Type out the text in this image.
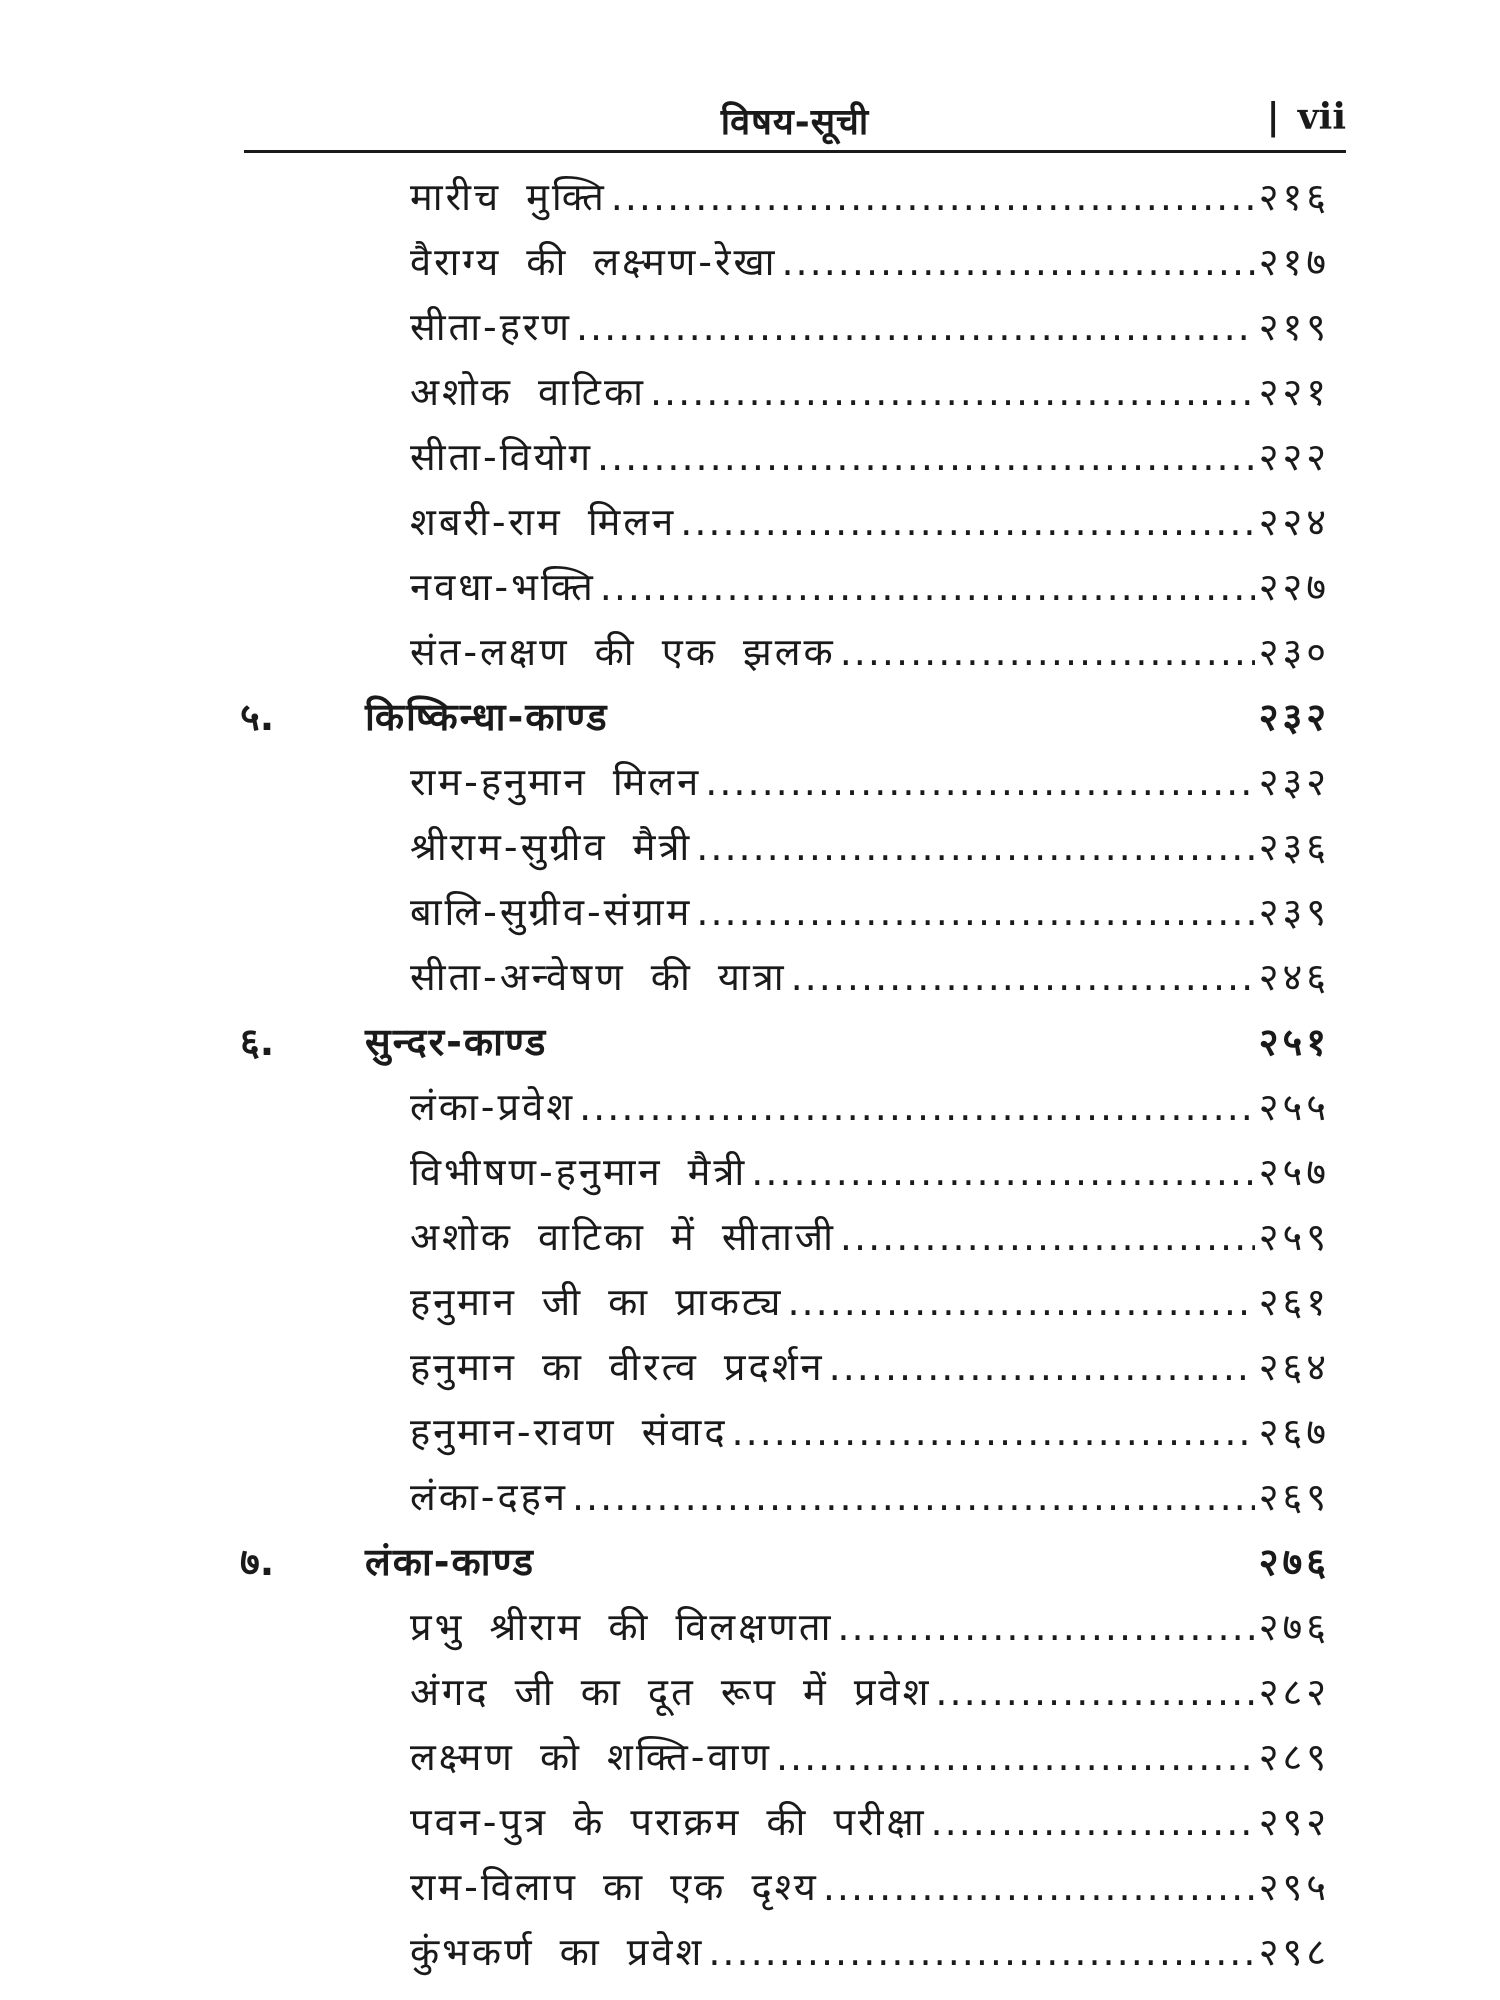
विषय-सूची	| vii
मारीच मुक्ति .....	२१६
वैराग्य की लक्ष्मण-रेखा .....	२१७
सीता-हरण .....	२१९
अशोक वाटिका .....	२२१
सीता-वियोग .....	२२२
शबरी-राम मिलन .....	२२४
नवधा-भक्ति .....	२२७
संत-लक्षण की एक झलक .....	२३०
५. किष्किन्धा-काण्ड	२३२
राम-हनुमान मिलन .....	२३२
श्रीराम-सुग्रीव मैत्री .....	२३६
बालि-सुग्रीव-संग्राम .....	२३९
सीता-अन्वेषण की यात्रा .....	२४६
६. सुन्दर-काण्ड	२५१
लंका-प्रवेश .....	२५५
विभीषण-हनुमान मैत्री .....	२५७
अशोक वाटिका में सीताजी .....	२५९
हनुमान जी का प्राकट्य .....	२६१
हनुमान का वीरत्व प्रदर्शन .....	२६४
हनुमान-रावण संवाद .....	२६७
लंका-दहन .....	२६९
७. लंका-काण्ड	२७६
प्रभु श्रीराम की विलक्षणता .....	२७६
अंगद जी का दूत रूप में प्रवेश .....	२८२
लक्ष्मण को शक्ति-वाण .....	२८९
पवन-पुत्र के पराक्रम की परीक्षा .....	२९२
राम-विलाप का एक दृश्य .....	२९५
कुंभकर्ण का प्रवेश .....	२९८
